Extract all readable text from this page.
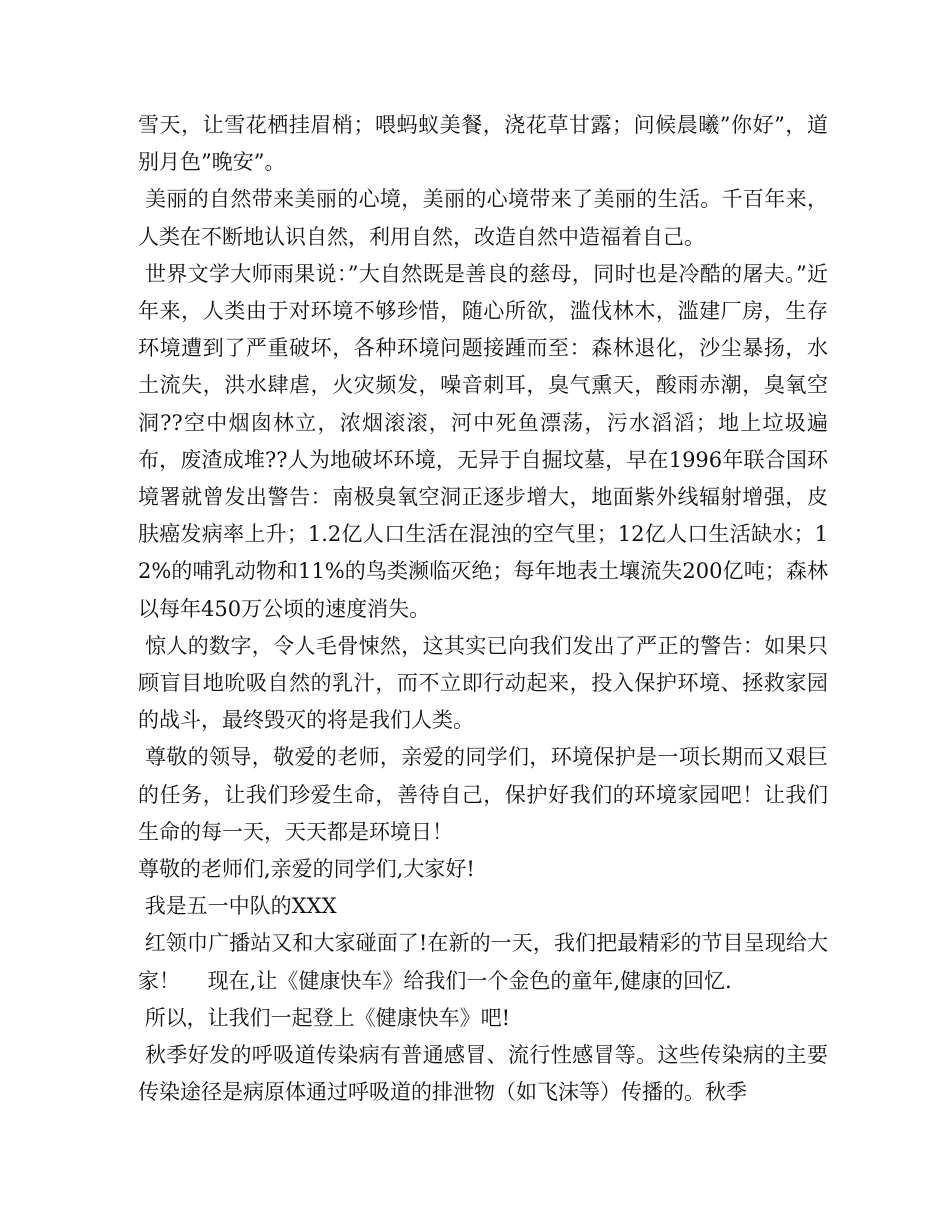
雪天，让雪花栖挂眉梢；喂蚂蚁美餐，浇花草甘露；问候晨曦”你好”，道别月色”晚安”。

美丽的自然带来美丽的心境，美丽的心境带来了美丽的生活。千百年来，人类在不断地认识自然，利用自然，改造自然中造福着自己。

世界文学大师雨果说：”大自然既是善良的慈母，同时也是冷酷的屠夫。”近年来，人类由于对环境不够珍惜，随心所欲，滥伐林木，滥建厂房，生存环境遭到了严重破坏，各种环境问题接踵而至：森林退化，沙尘暴扬，水土流失，洪水肆虐，火灾频发，噪音刺耳，臭气熏天，酸雨赤潮，臭氧空洞??空中烟囱林立，浓烟滚滚，河中死鱼漂荡，污水滔滔；地上垃圾遍布，废渣成堆??人为地破坏环境，无异于自掘坟墓，早在1996年联合国环境署就曾发出警告：南极臭氧空洞正逐步增大，地面紫外线辐射增强，皮肤癌发病率上升；1.2亿人口生活在混浊的空气里；12亿人口生活缺水；12%的哺乳动物和11%的鸟类濒临灭绝；每年地表土壤流失200亿吨；森林以每年450万公顷的速度消失。

惊人的数字，令人毛骨悚然，这其实已向我们发出了严正的警告：如果只顾盲目地吮吸自然的乳汁，而不立即行动起来，投入保护环境、拯救家园的战斗，最终毁灭的将是我们人类。

尊敬的领导，敬爱的老师，亲爱的同学们，环境保护是一项长期而又艰巨的任务，让我们珍爱生命，善待自己，保护好我们的环境家园吧！让我们生命的每一天，天天都是环境日！

尊敬的老师们,亲爱的同学们,大家好!

我是五一中队的XXX

红领巾广播站又和大家碰面了!在新的一天，我们把最精彩的节目呈现给大家！　 现在,让《健康快车》给我们一个金色的童年,健康的回忆.

所以，让我们一起登上《健康快车》吧!

秋季好发的呼吸道传染病有普通感冒、流行性感冒等。这些传染病的主要传染途径是病原体通过呼吸道的排泄物（如飞沫等）传播的。秋季
